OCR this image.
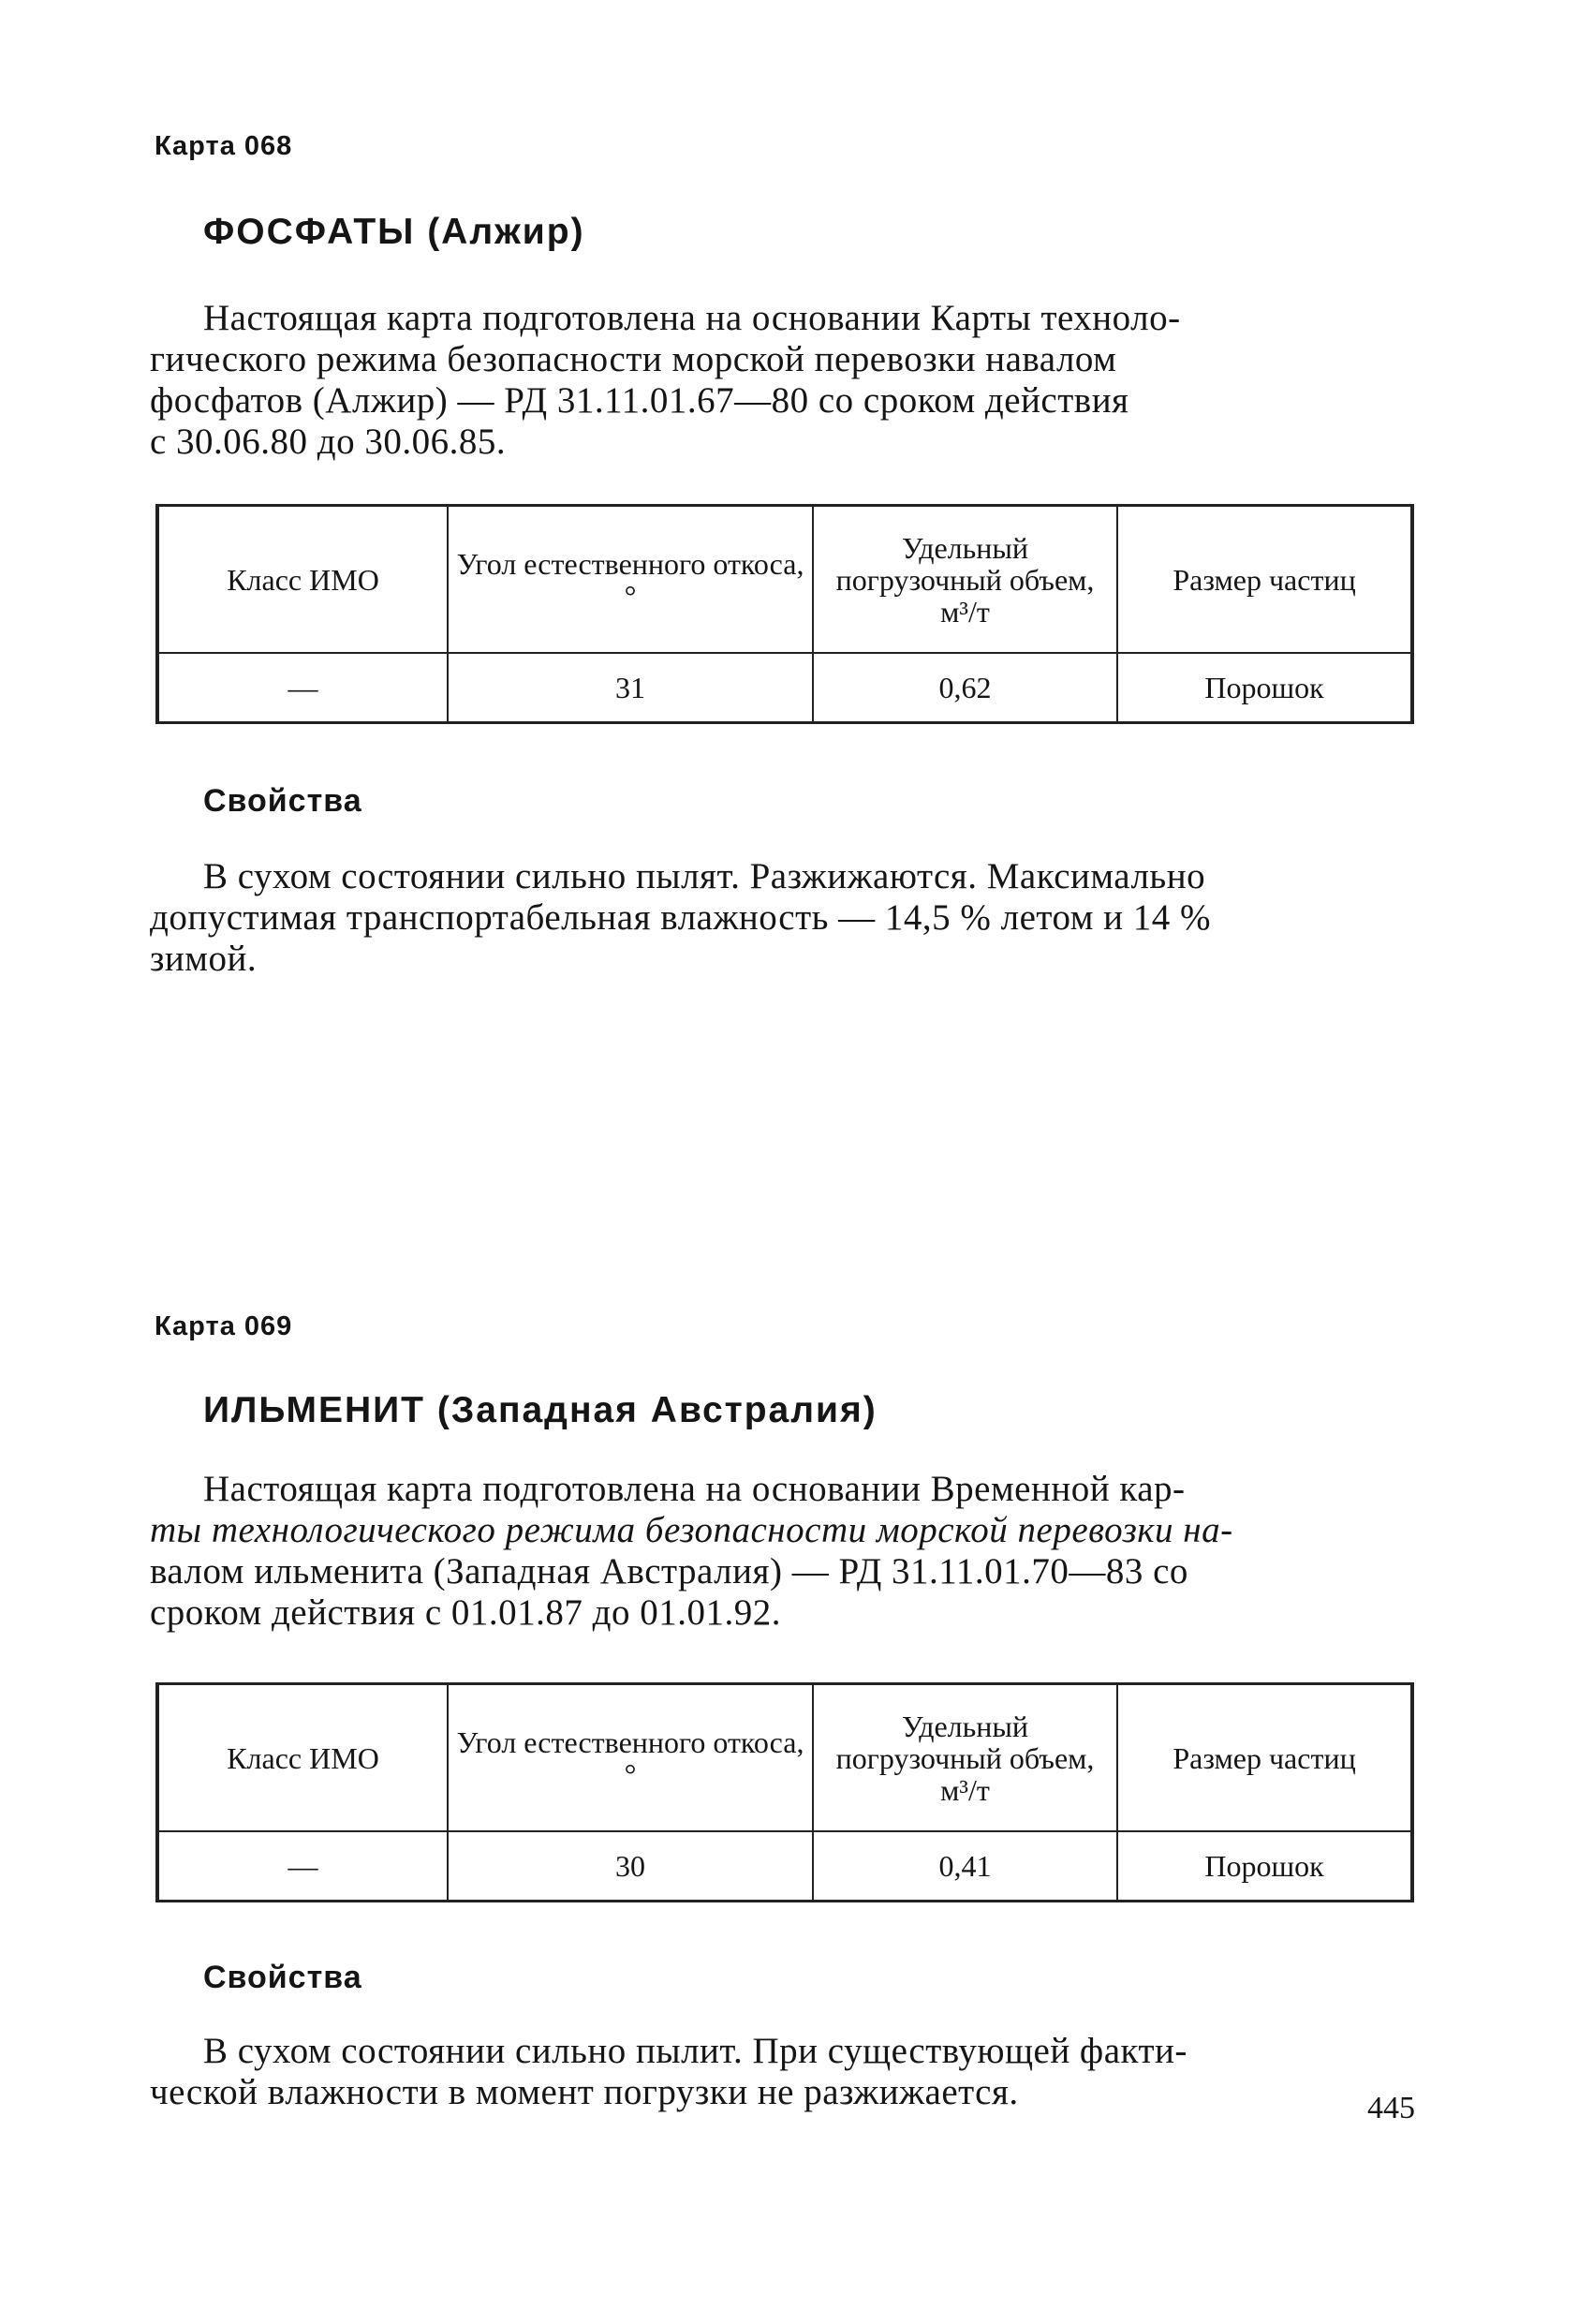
Карта 068
ФОСФАТЫ (Алжир)
Настоящая карта подготовлена на основании Карты техноло-
гического режима безопасности морской перевозки навалом
фосфатов (Алжир) — РД 31.11.01.67—80 со сроком действия
с 30.06.80 до 30.06.85.
Класс ИМО	Угол естественного откоса, °	Удельный погрузочный объем, м³/т	Размер частиц
—	31	0,62	Порошок
Свойства
В сухом состоянии сильно пылят. Разжижаются. Максимально
допустимая транспортабельная влажность — 14,5 % летом и 14 %
зимой.
Карта 069
ИЛЬМЕНИТ (Западная Австралия)
Настоящая карта подготовлена на основании Временной кар-
ты технологического режима безопасности морской перевозки на-
валом ильменита (Западная Австралия) — РД 31.11.01.70—83 со
сроком действия с 01.01.87 до 01.01.92.
Класс ИМО	Угол естественного откоса, °	Удельный погрузочный объем, м³/т	Размер частиц
—	30	0,41	Порошок
Свойства
В сухом состоянии сильно пылит. При существующей факти-
ческой влажности в момент погрузки не разжижается.	445
